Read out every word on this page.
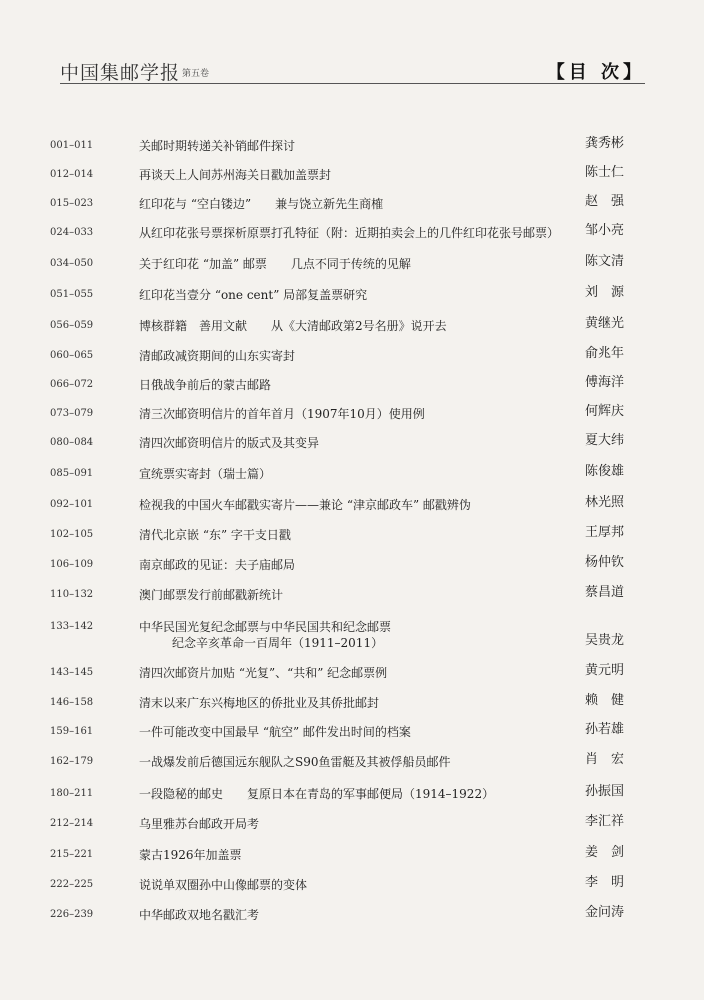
中国集邮学报 第五卷	【目 次】
001–011	关邮时期转递关补销邮件探讨	龚秀彬
012–014	再谈天上人间苏州海关日戳加盖票封	陈士仁
015–023	红印花与 “空白镂边”　　兼与饶立新先生商榷	赵　强
024–033	从红印花张号票探析原票打孔特征（附：近期拍卖会上的几件红印花张号邮票） 邹小亮
034–050	关于红印花 “加盖” 邮票　　几点不同于传统的见解	陈文清
051–055	红印花当壹分 “one cent” 局部复盖票研究	刘　源
056–059	博核群籍　善用文献　　从《大清邮政第2号名册》说开去	黄继光
060–065	清邮政减资期间的山东实寄封	俞兆年
066–072	日俄战争前后的蒙古邮路	傅海洋
073–079	清三次邮资明信片的首年首月（1907年10月）使用例	何辉庆
080–084	清四次邮资明信片的版式及其变异	夏大纬
085–091	宣统票实寄封（瑞士篇）	陈俊雄
092–101	检视我的中国火车邮戳实寄片——兼论 “津京邮政车” 邮戳辨伪	林光照
102–105	清代北京嵌 “东” 字干支日戳	王厚邦
106–109	南京邮政的见证：夫子庙邮局	杨仲钦
110–132	澳门邮票发行前邮戳新统计	蔡昌道
133–142	中华民国光复纪念邮票与中华民国共和纪念邮票
纪念辛亥革命一百周年（1911–2011）	吴贵龙
143–145	清四次邮资片加贴 “光复”、“共和” 纪念邮票例	黄元明
146–158	清末以来广东兴梅地区的侨批业及其侨批邮封	赖　健
159–161	一件可能改变中国最早 “航空” 邮件发出时间的档案	孙若雄
162–179	一战爆发前后德国远东舰队之S90鱼雷艇及其被俘船员邮件	肖　宏
180–211	一段隐秘的邮史　　复原日本在青岛的军事邮便局（1914–1922）	孙振国
212–214	乌里雅苏台邮政开局考	李汇祥
215–221	蒙古1926年加盖票	姜　剑
222–225	说说单双圈孙中山像邮票的变体	李　明
226–239	中华邮政双地名戳汇考	金问涛
